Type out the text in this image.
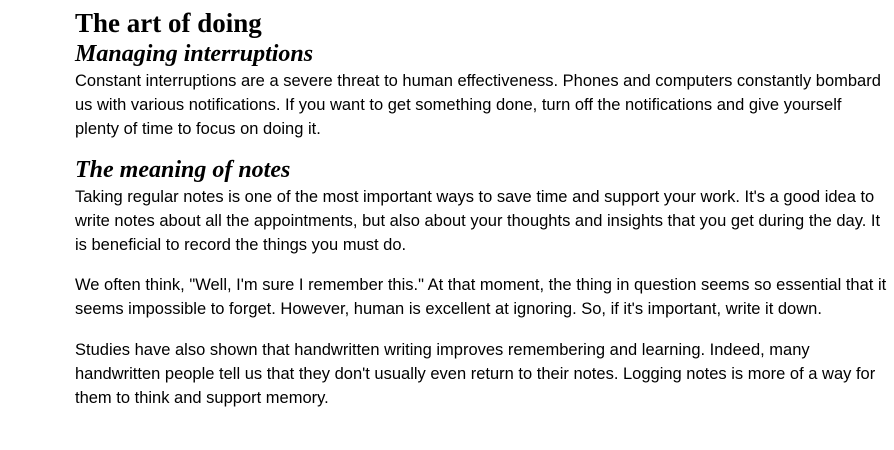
The art of doing
Managing interruptions

Constant interruptions are a severe threat to human effectiveness. Phones and computers constantly bombard us with various notifications. If you want to get something done, turn off the notifications and give yourself plenty of time to focus on doing it.

The meaning of notes

Taking regular notes is one of the most important ways to save time and support your work. It's a good idea to write notes about all the appointments, but also about your thoughts and insights that you get during the day. It is beneficial to record the things you must do.

We often think, "Well, I'm sure I remember this." At that moment, the thing in question seems so essential that it seems impossible to forget. However, human is excellent at ignoring. So, if it's important, write it down.

Studies have also shown that handwritten writing improves remembering and learning. Indeed, many handwritten people tell us that they don't usually even return to their notes. Logging notes is more of a way for them to think and support memory.
